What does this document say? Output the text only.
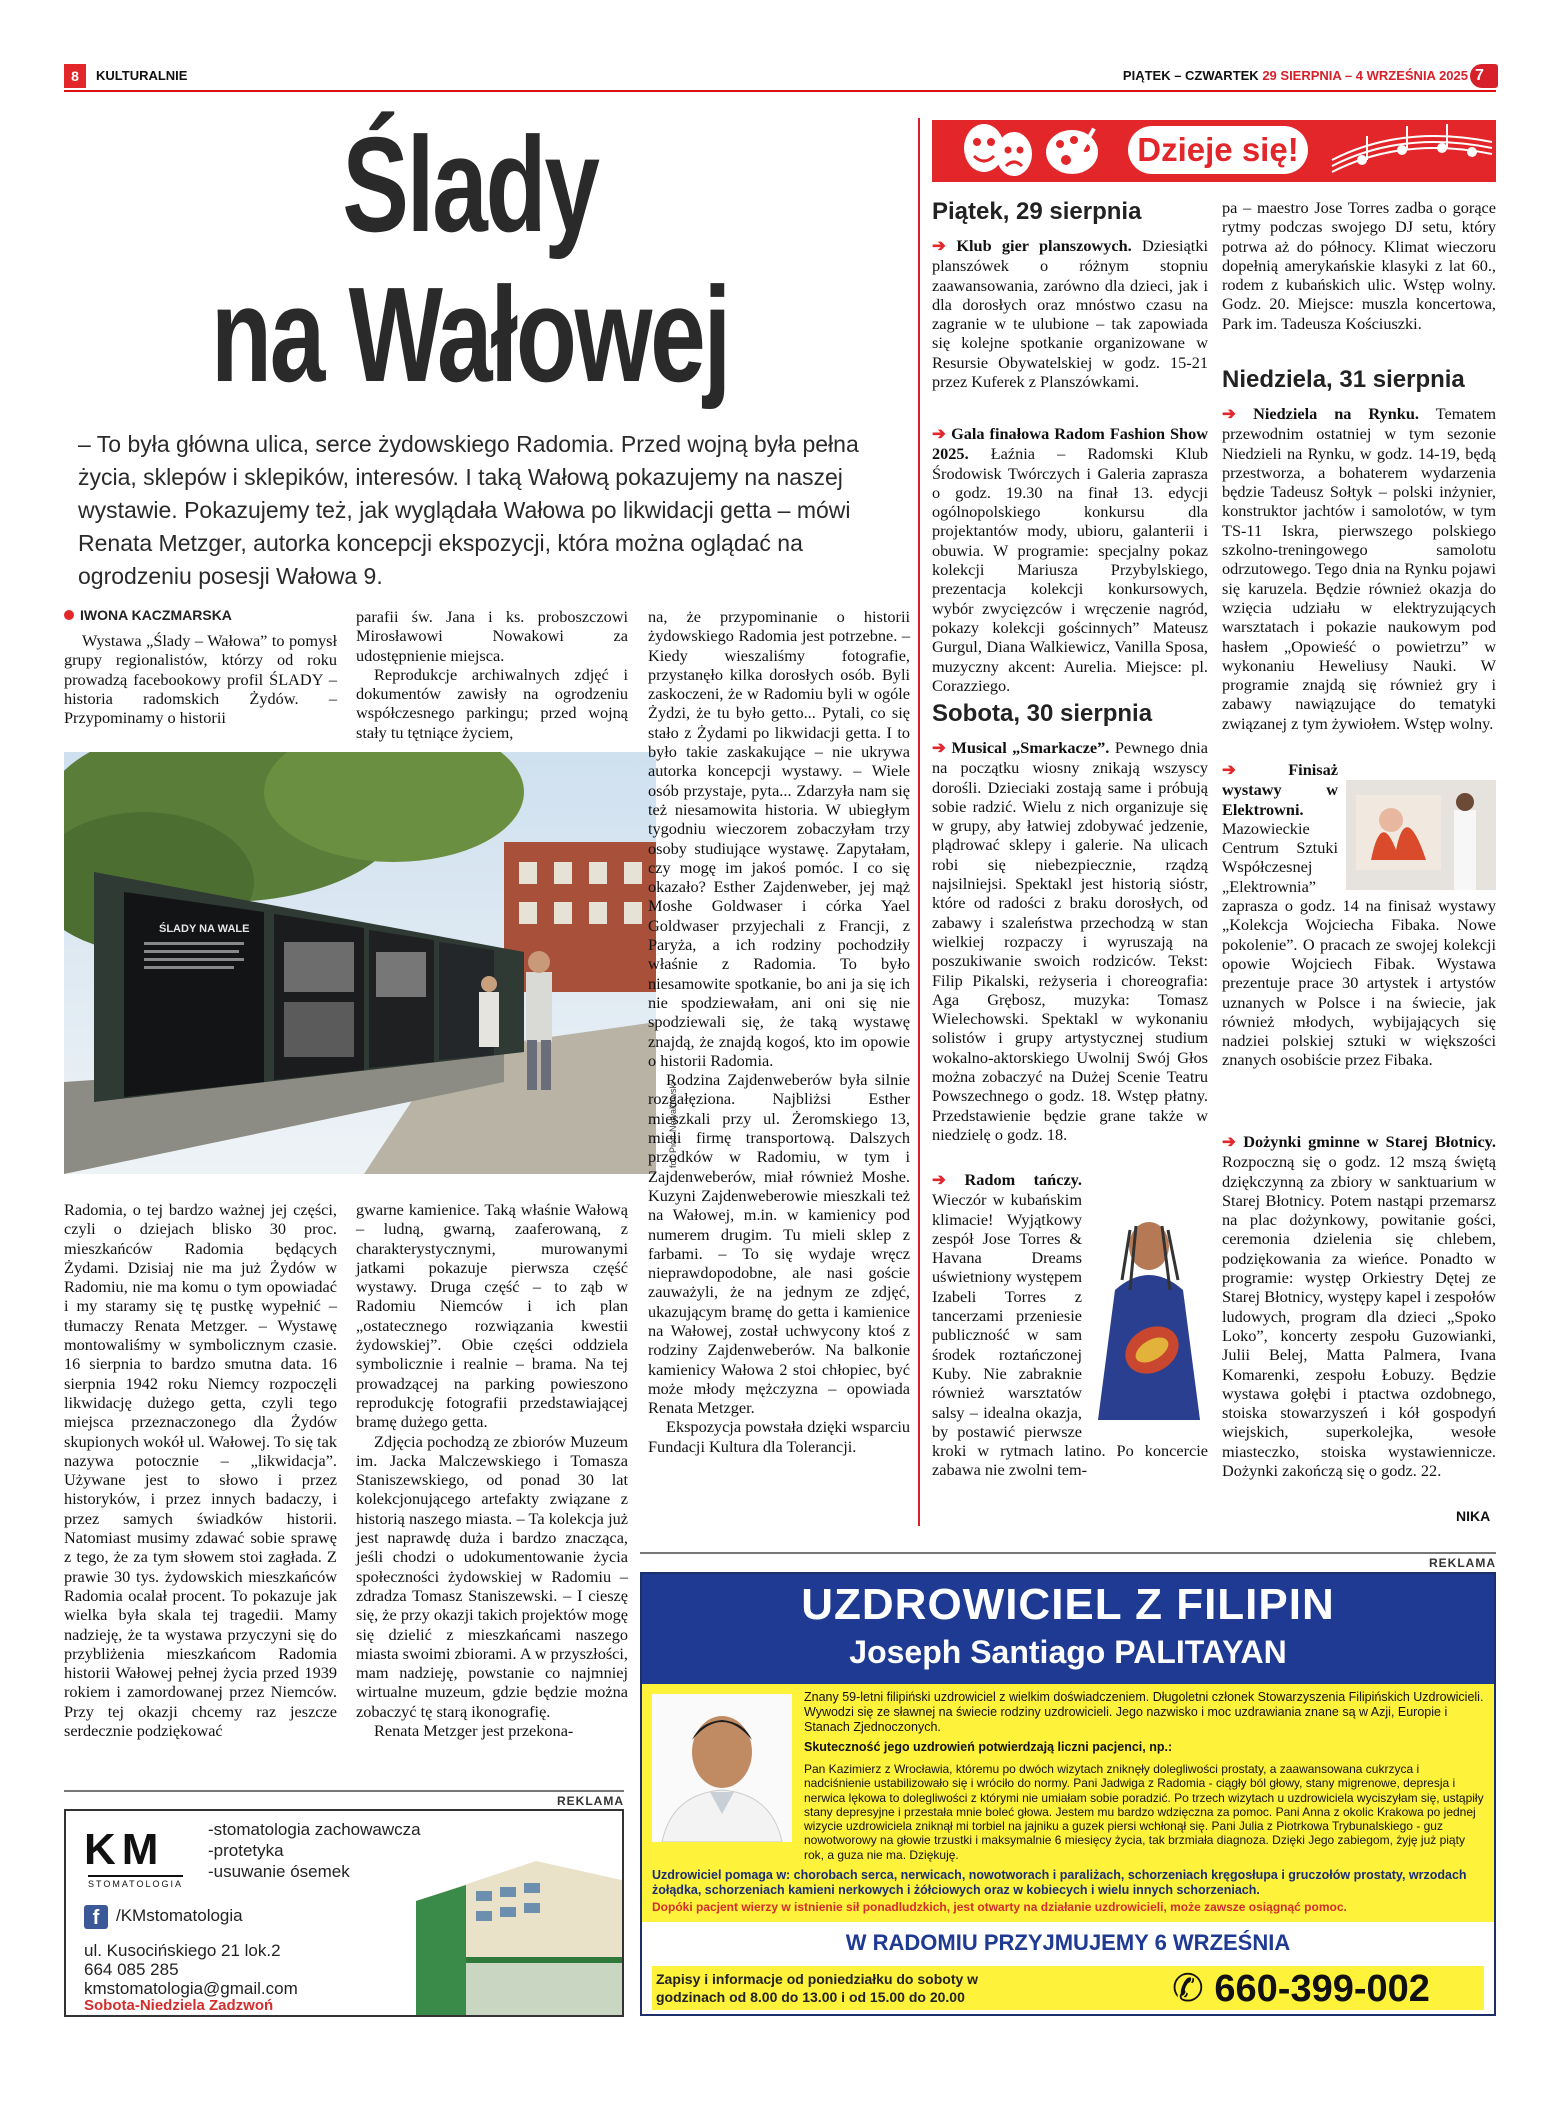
8	KULTURALNIE	PIĄTEK – CZWARTEK 29 SIERPNIA – 4 WRZEŚNIA 2025 7
Ślady
na Wałowej
– To była główna ulica, serce żydowskiego Radomia. Przed wojną była pełna życia, sklepów i sklepików, interesów. I taką Wałową pokazujemy na naszej wystawie. Pokazujemy też, jak wyglądała Wałowa po likwidacji getta – mówi Renata Metzger, autorka koncepcji ekspozycji, która można oglądać na ogrodzeniu posesji Wałowa 9.
IWONA KACZMARSKA

Wystawa „Ślady – Wałowa” to pomysł grupy regionalistów, którzy od roku prowadzą facebookowy profil ŚLADY – historia radomskich Żydów. – Przypominamy o historii

parafii św. Jana i ks. proboszczowi Mirosławowi Nowakowi za udostępnienie miejsca.

Reprodukcje archiwalnych zdjęć i dokumentów zawisły na ogrodzeniu współczesnego parkingu; przed wojną stały tu tętniące życiem,

ŚLADY NA WALE
fot. Piotr Nowakowski

Radomia, o tej bardzo ważnej jej części, czyli o dziejach blisko 30 proc. mieszkańców Radomia będących Żydami. Dzisiaj nie ma już Żydów w Radomiu, nie ma komu o tym opowiadać i my staramy się tę pustkę wypełnić – tłumaczy Renata Metzger. – Wystawę montowaliśmy w symbolicznym czasie. 16 sierpnia to bardzo smutna data. 16 sierpnia 1942 roku Niemcy rozpoczęli likwidację dużego getta, czyli tego miejsca przeznaczonego dla Żydów skupionych wokół ul. Wałowej. To się tak nazywa potocznie – „likwidacja”. Używane jest to słowo i przez historyków, i przez innych badaczy, i przez samych świadków historii. Natomiast musimy zdawać sobie sprawę z tego, że za tym słowem stoi zagłada. Z prawie 30 tys. żydowskich mieszkańców Radomia ocalał procent. To pokazuje jak wielka była skala tej tragedii. Mamy nadzieję, że ta wystawa przyczyni się do przybliżenia mieszkańcom Radomia historii Wałowej pełnej życia przed 1939 rokiem i zamordowanej przez Niemców. Przy tej okazji chcemy raz jeszcze serdecznie podziękować

gwarne kamienice. Taką właśnie Wałową – ludną, gwarną, zaaferowaną, z charakterystycznymi, murowanymi jatkami pokazuje pierwsza część wystawy. Druga część – to ząb w Radomiu Niemców i ich plan „ostatecznego rozwiązania kwestii żydowskiej”. Obie części oddziela symbolicznie i realnie – brama. Na tej prowadzącej na parking powieszono reprodukcję fotografii przedstawiającej bramę dużego getta.

Zdjęcia pochodzą ze zbiorów Muzeum im. Jacka Malczewskiego i Tomasza Staniszewskiego, od ponad 30 lat kolekcjonującego artefakty związane z historią naszego miasta. – Ta kolekcja już jest naprawdę duża i bardzo znacząca, jeśli chodzi o udokumentowanie życia społeczności żydowskiej w Radomiu – zdradza Tomasz Staniszewski. – I cieszę się, że przy okazji takich projektów mogę się dzielić z mieszkańcami naszego miasta swoimi zbiorami. A w przyszłości, mam nadzieję, powstanie co najmniej wirtualne muzeum, gdzie będzie można zobaczyć tę starą ikonografię.

Renata Metzger jest przekona-

na, że przypominanie o historii żydowskiego Radomia jest potrzebne. – Kiedy wieszaliśmy fotografie, przystanęło kilka dorosłych osób. Byli zaskoczeni, że w Radomiu byli w ogóle Żydzi, że tu było getto... Pytali, co się stało z Żydami po likwidacji getta. I to było takie zaskakujące – nie ukrywa autorka koncepcji wystawy. – Wiele osób przystaje, pyta... Zdarzyła nam się też niesamowita historia. W ubiegłym tygodniu wieczorem zobaczyłam trzy osoby studiujące wystawę. Zapytałam, czy mogę im jakoś pomóc. I co się okazało? Esther Zajdenweber, jej mąż Moshe Goldwaser i córka Yael Goldwaser przyjechali z Francji, z Paryża, a ich rodziny pochodziły właśnie z Radomia. To było niesamowite spotkanie, bo ani ja się ich nie spodziewałam, ani oni się nie spodziewali się, że taką wystawę znajdą, że znajdą kogoś, kto im opowie o historii Radomia.

Rodzina Zajdenweberów była silnie rozgałęziona. Najbliżsi Esther mieszkali przy ul. Żeromskiego 13, mieli firmę transportową. Dalszych przodków w Radomiu, w tym i Zajdenweberów, miał również Moshe. Kuzyni Zajdenweberowie mieszkali też na Wałowej, m.in. w kamienicy pod numerem drugim. Tu mieli sklep z farbami. – To się wydaje wręcz nieprawdopodobne, ale nasi goście zauważyli, że na jednym ze zdjęć, ukazującym bramę do getta i kamienice na Wałowej, został uchwycony ktoś z rodziny Zajdenweberów. Na balkonie kamienicy Wałowa 2 stoi chłopiec, być może młody mężczyzna – opowiada Renata Metzger.

Ekspozycja powstała dzięki wsparciu Fundacji Kultura dla Tolerancji.

Dzieje się!
Piątek, 29 sierpnia
➔ Klub gier planszowych. Dziesiątki planszówek o różnym stopniu zaawansowania, zarówno dla dzieci, jak i dla dorosłych oraz mnóstwo czasu na zagranie w te ulubione – tak zapowiada się kolejne spotkanie organizowane w Resursie Obywatelskiej w godz. 15-21 przez Kuferek z Planszówkami.
➔ Gala finałowa Radom Fashion Show 2025. Łaźnia – Radomski Klub Środowisk Twórczych i Galeria zaprasza o godz. 19.30 na finał 13. edycji ogólnopolskiego konkursu dla projektantów mody, ubioru, galanterii i obuwia. W programie: specjalny pokaz kolekcji Mariusza Przybylskiego, prezentacja kolekcji konkursowych, wybór zwycięzców i wręczenie nagród, pokazy kolekcji gościnnych” Mateusz Gurgul, Diana Walkiewicz, Vanilla Sposa, muzyczny akcent: Aurelia. Miejsce: pl. Corazziego.
Sobota, 30 sierpnia
➔ Musical „Smarkacze”. Pewnego dnia na początku wiosny znikają wszyscy dorośli. Dzieciaki zostają same i próbują sobie radzić. Wielu z nich organizuje się w grupy, aby łatwiej zdobywać jedzenie, plądrować sklepy i galerie. Na ulicach robi się niebezpiecznie, rządzą najsilniejsi. Spektakl jest historią sióstr, które od radości z braku dorosłych, od zabawy i szaleństwa przechodzą w stan wielkiej rozpaczy i wyruszają na poszukiwanie swoich rodziców. Tekst: Filip Pikalski, reżyseria i choreografia: Aga Grębosz, muzyka: Tomasz Wielechowski. Spektakl w wykonaniu solistów i grupy artystycznej studium wokalno-aktorskiego Uwolnij Swój Głos można zobaczyć na Dużej Scenie Teatru Powszechnego o godz. 18. Wstęp płatny. Przedstawienie będzie grane także w niedzielę o godz. 18.
➔ Radom tańczy. Wieczór w kubańskim klimacie! Wyjątkowy zespół Jose Torres & Havana Dreams uświetniony występem Izabeli Torres z tancerzami przeniesie publiczność w sam środek roztańczonej Kuby. Nie zabraknie również warsztatów salsy – idealna okazja, by postawić pierwsze kroki w rytmach latino. Po koncercie zabawa nie zwolni tem-
pa – maestro Jose Torres zadba o gorące rytmy podczas swojego DJ setu, który potrwa aż do północy. Klimat wieczoru dopełnią amerykańskie klasyki z lat 60., rodem z kubańskich ulic. Wstęp wolny. Godz. 20. Miejsce: muszla koncertowa, Park im. Tadeusza Kościuszki.
Niedziela, 31 sierpnia
➔ Niedziela na Rynku. Tematem przewodnim ostatniej w tym sezonie Niedzieli na Rynku, w godz. 14-19, będą przestworza, a bohaterem wydarzenia będzie Tadeusz Sołtyk – polski inżynier, konstruktor jachtów i samolotów, w tym TS-11 Iskra, pierwszego polskiego szkolno-treningowego samolotu odrzutowego. Tego dnia na Rynku pojawi się karuzela. Będzie również okazja do wzięcia udziału w elektryzujących warsztatach i pokazie naukowym pod hasłem „Opowieść o powietrzu” w wykonaniu Heweliusy Nauki. W programie znajdą się również gry i zabawy nawiązujące do tematyki związanej z tym żywiołem. Wstęp wolny.
➔ Finisaż wystawy w Elektrowni. Mazowieckie Centrum Sztuki Współczesnej „Elektrownia” zaprasza o godz. 14 na finisaż wystawy „Kolekcja Wojciecha Fibaka. Nowe pokolenie”. O pracach ze swojej kolekcji opowie Wojciech Fibak. Wystawa prezentuje prace 30 artystek i artystów uznanych w Polsce i na świecie, jak również młodych, wybijających się nadziei polskiej sztuki w większości znanych osobiście przez Fibaka.
➔ Dożynki gminne w Starej Błotnicy. Rozpoczną się o godz. 12 mszą świętą dziękczynną za zbiory w sanktuarium w Starej Błotnicy. Potem nastąpi przemarsz na plac dożynkowy, powitanie gości, ceremonia dzielenia się chlebem, podziękowania za wieńce. Ponadto w programie: występ Orkiestry Dętej ze Starej Błotnicy, występy kapel i zespołów ludowych, program dla dzieci „Spoko Loko”, koncerty zespołu Guzowianki, Julii Belej, Matta Palmera, Ivana Komarenki, zespołu Łobuzy. Będzie wystawa gołębi i ptactwa ozdobnego, stoiska stowarzyszeń i kół gospodyń wiejskich, superkolejka, wesołe miasteczko, stoiska wystawiennicze. Dożynki zakończą się o godz. 22.
NIKA
REKLAMA
KM
STOMATOLOGIA
-stomatologia zachowawcza
-protetyka
-usuwanie ósemek
f /KMstomatologia
ul. Kusocińskiego 21 lok.2
664 085 285
kmstomatologia@gmail.com
Sobota-Niedziela Zadzwoń
REKLAMA
UZDROWICIEL Z FILIPIN
Joseph Santiago PALITAYAN
Znany 59-letni filipiński uzdrowiciel z wielkim doświadczeniem. Długoletni członek Stowarzyszenia Filipińskich Uzdrowicieli. Wywodzi się ze sławnej na świecie rodziny uzdrowicieli. Jego nazwisko i moc uzdrawiania znane są w Azji, Europie i Stanach Zjednoczonych.
Skuteczność jego uzdrowień potwierdzają liczni pacjenci, np.:
Pan Kazimierz z Wrocławia, któremu po dwóch wizytach zniknęły dolegliwości prostaty, a zaawansowana cukrzyca i nadciśnienie ustabilizowało się i wróciło do normy. Pani Jadwiga z Radomia - ciągły ból głowy, stany migrenowe, depresja i nerwica lękowa to dolegliwości z którymi nie umiałam sobie poradzić. Po trzech wizytach u uzdrowiciela wyciszyłam się, ustąpiły stany depresyjne i przestała mnie boleć głowa. Jestem mu bardzo wdzięczna za pomoc. Pani Anna z okolic Krakowa po jednej wizycie uzdrowiciela zniknął mi torbiel na jajniku a guzek piersi wchłonął się. Pani Julia z Piotrkowa Trybunalskiego - guz nowotworowy na głowie trzustki i maksymalnie 6 miesięcy życia, tak brzmiała diagnoza. Dzięki Jego zabiegom, żyję już piąty rok, a guza nie ma. Dziękuję.
Uzdrowiciel pomaga w: chorobach serca, nerwicach, nowotworach i paraliżach, schorzeniach kręgosłupa i gruczołów prostaty, wrzodach żołądka, schorzeniach kamieni nerkowych i żółciowych oraz w kobiecych i wielu innych schorzeniach.
Dopóki pacjent wierzy w istnienie sił ponadludzkich, jest otwarty na działanie uzdrowicieli, może zawsze osiągnąć pomoc.
W RADOMIU PRZYJMUJEMY 6 WRZEŚNIA
Zapisy i informacje od poniedziałku do soboty w godzinach od 8.00 do 13.00 i od 15.00 do 20.00	✆ 660-399-002
